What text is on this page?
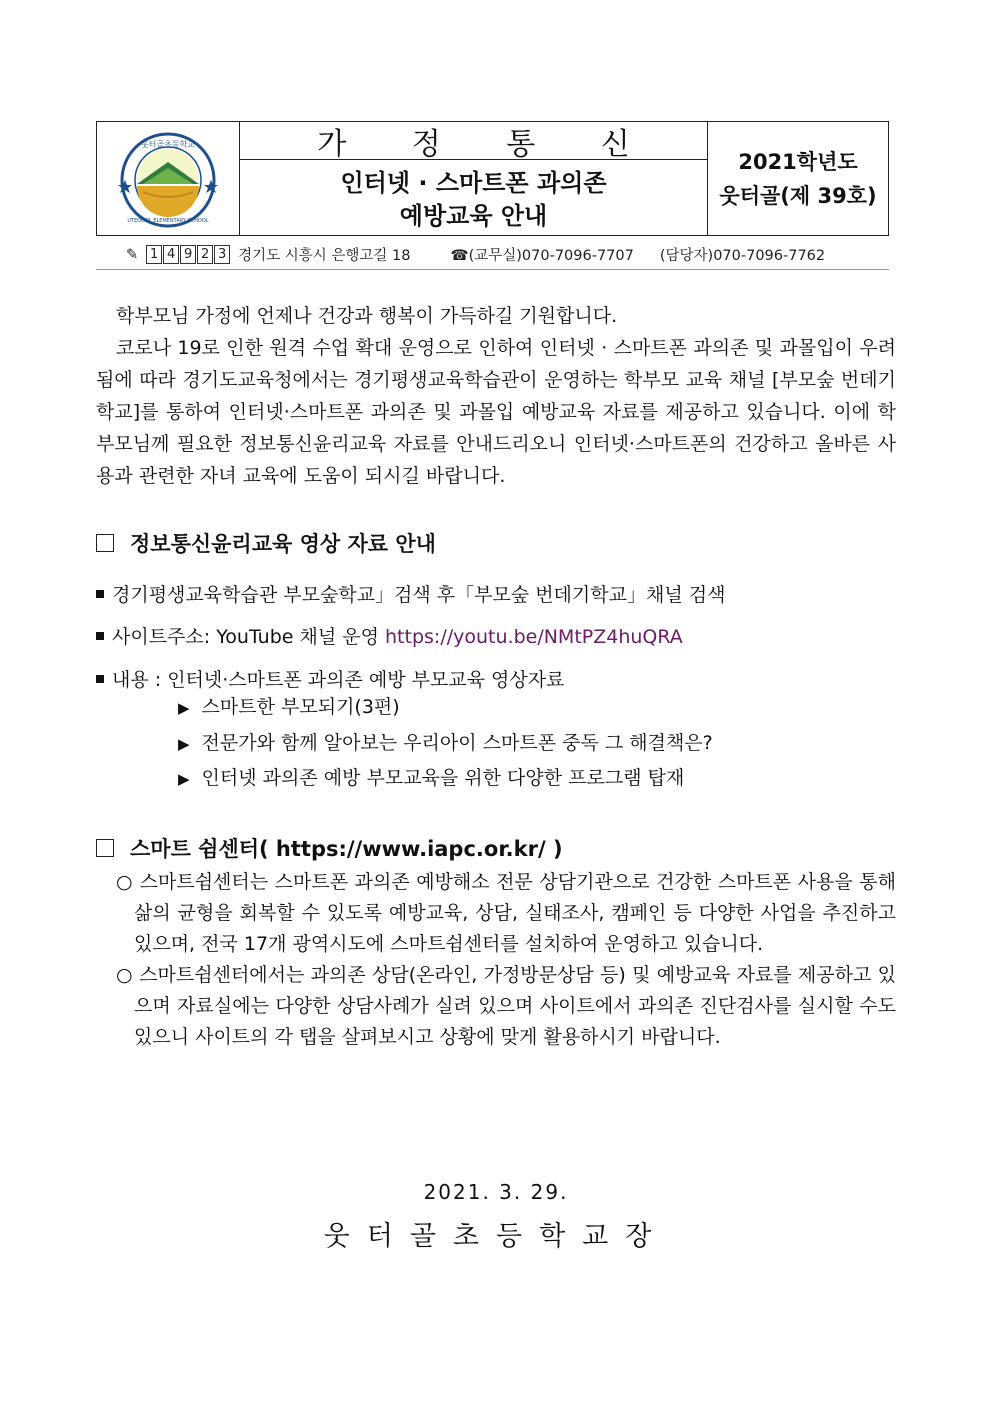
웃터골초등학교
UTEOGOL ELEMENTARY SCHOOL
가 정 통 신
인터넷 · 스마트폰 과의존
예방교육 안내
2021학년도
웃터골(제 39호)
✎ 1 4 9 2 3 경기도 시흥시 은행고길 18	☎(교무실)070-7096-7707 (담당자)070-7096-7762

학부모님 가정에 언제나 건강과 행복이 가득하길 기원합니다.

코로나 19로 인한 원격 수업 확대 운영으로 인하여 인터넷 · 스마트폰 과의존 및 과몰입이 우려됨에 따라 경기도교육청에서는 경기평생교육학습관이 운영하는 학부모 교육 채널 [부모숲 번데기학교]를 통하여 인터넷·스마트폰 과의존 및 과몰입 예방교육 자료를 제공하고 있습니다. 이에 학부모님께 필요한 정보통신윤리교육 자료를 안내드리오니 인터넷·스마트폰의 건강하고 올바른 사용과 관련한 자녀 교육에 도움이 되시길 바랍니다.

정보통신윤리교육 영상 자료 안내
경기평생교육학습관 부모숲학교」검색 후「부모숲 번데기학교」채널 검색
사이트주소: YouTube 채널 운영 https://youtu.be/NMtPZ4huQRA
내용 : 인터넷·스마트폰 과의존 예방 부모교육 영상자료
▶ 스마트한 부모되기(3편)
▶ 전문가와 함께 알아보는 우리아이 스마트폰 중독 그 해결책은?
▶ 인터넷 과의존 예방 부모교육을 위한 다양한 프로그램 탑재
스마트 쉼센터( https://www.iapc.or.kr/ )

○ 스마트쉼센터는 스마트폰 과의존 예방해소 전문 상담기관으로 건강한 스마트폰 사용을 통해 삶의 균형을 회복할 수 있도록 예방교육, 상담, 실태조사, 캠페인 등 다양한 사업을 추진하고 있으며, 전국 17개 광역시도에 스마트쉼센터를 설치하여 운영하고 있습니다.

○ 스마트쉼센터에서는 과의존 상담(온라인, 가정방문상담 등) 및 예방교육 자료를 제공하고 있으며 자료실에는 다양한 상담사례가 실려 있으며 사이트에서 과의존 진단검사를 실시할 수도 있으니 사이트의 각 탭을 살펴보시고 상황에 맞게 활용하시기 바랍니다.

2021. 3. 29.
웃터골초등학교장
